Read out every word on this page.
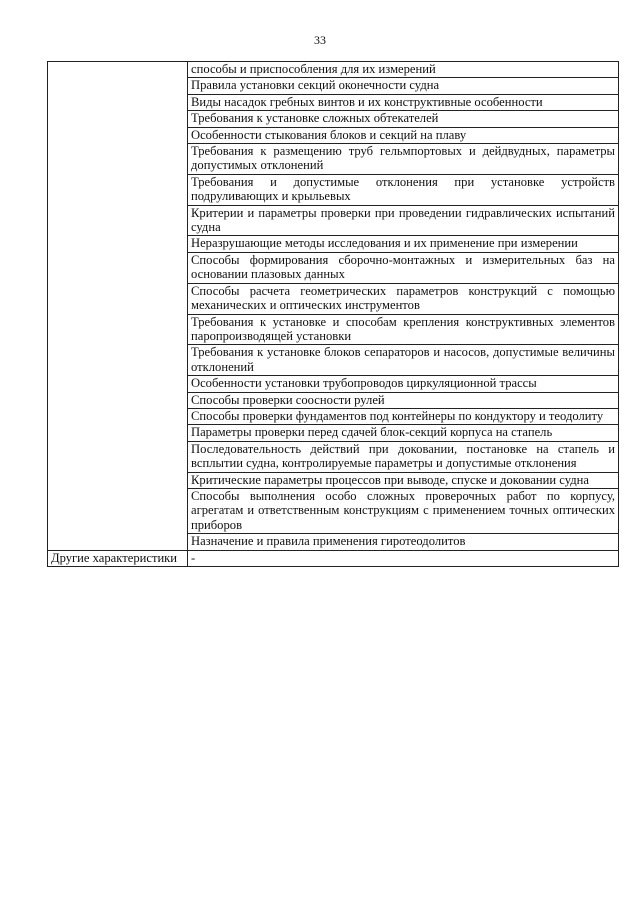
33
	способы и приспособления для их измерений
	Правила установки секций оконечности судна
	Виды насадок гребных винтов и их конструктивные особенности
	Требования к установке сложных обтекателей
	Особенности стыкования блоков и секций на плаву
	Требования к размещению труб гельмпортовых и дейдвудных, параметры допустимых отклонений
	Требования и допустимые отклонения при установке устройств подруливающих и крыльевых
	Критерии и параметры проверки при проведении гидравлических испытаний судна
	Неразрушающие методы исследования и их применение при измерении
	Способы формирования сборочно-монтажных и измерительных баз на основании плазовых данных
	Способы расчета геометрических параметров конструкций с помощью механических и оптических инструментов
	Требования к установке и способам крепления конструктивных элементов паропроизводящей установки
	Требования к установке блоков сепараторов и насосов, допустимые величины отклонений
	Особенности установки трубопроводов циркуляционной трассы
	Способы проверки соосности рулей
	Способы проверки фундаментов под контейнеры по кондуктору и теодолиту
	Параметры проверки перед сдачей блок-секций корпуса на стапель
	Последовательность действий при доковании, постановке на стапель и всплытии судна, контролируемые параметры и допустимые отклонения
	Критические параметры процессов при выводе, спуске и доковании судна
	Способы выполнения особо сложных проверочных работ по корпусу, агрегатам и ответственным конструкциям с применением точных оптических приборов
	Назначение и правила применения гиротеодолитов
Другие характеристики	-
